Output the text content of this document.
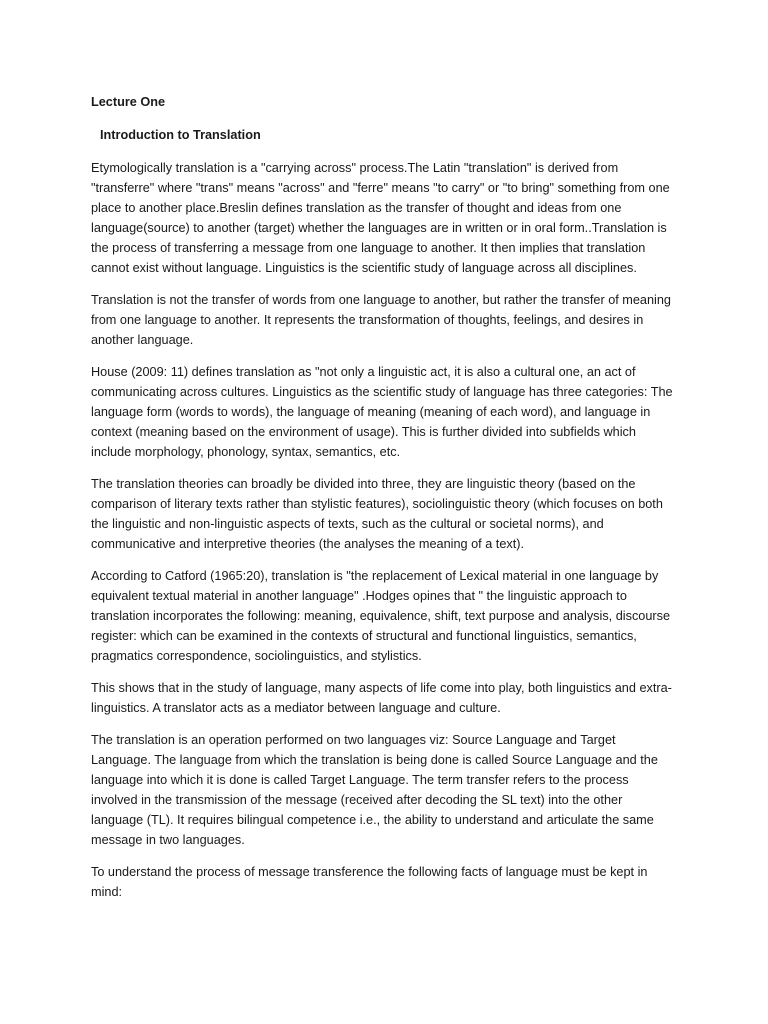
Lecture One
Introduction to Translation

Etymologically translation is a "carrying across" process.The Latin "translation" is derived from "transferre" where "trans" means "across" and "ferre" means "to carry" or "to bring" something from one place to another place.Breslin defines translation as the transfer of thought and ideas from one language(source) to another (target) whether the languages are in written or in oral form..Translation is the process of transferring a message from one language to another. It then implies that translation cannot exist without language. Linguistics is the scientific study of language across all disciplines.

Translation is not the transfer of words from one language to another, but rather the transfer of meaning from one language to another. It represents the transformation of thoughts, feelings, and desires in another language.

House (2009: 11) defines translation as "not only a linguistic act, it is also a cultural one, an act of communicating across cultures. Linguistics as the scientific study of language has three categories: The language form (words to words), the language of meaning (meaning of each word), and language in context (meaning based on the environment of usage). This is further divided into subfields which include morphology, phonology, syntax, semantics, etc.

The translation theories can broadly be divided into three, they are linguistic theory (based on the comparison of literary texts rather than stylistic features), sociolinguistic theory (which focuses on both the linguistic and non-linguistic aspects of texts, such as the cultural or societal norms), and communicative and interpretive theories (the analyses the meaning of a text).

According to Catford (1965:20), translation is "the replacement of Lexical material in one language by equivalent textual material in another language" .Hodges opines that " the linguistic approach to translation incorporates the following: meaning, equivalence, shift, text purpose and analysis, discourse register: which can be examined in the contexts of structural and functional linguistics, semantics, pragmatics correspondence, sociolinguistics, and stylistics.

This shows that in the study of language, many aspects of life come into play, both linguistics and extra-linguistics. A translator acts as a mediator between language and culture.

The translation is an operation performed on two languages viz: Source Language and Target Language. The language from which the translation is being done is called Source Language and the language into which it is done is called Target Language. The term transfer refers to the process involved in the transmission of the message (received after decoding the SL text) into the other language (TL). It requires bilingual competence i.e., the ability to understand and articulate the same message in two languages.

To understand the process of message transference the following facts of language must be kept in mind:
